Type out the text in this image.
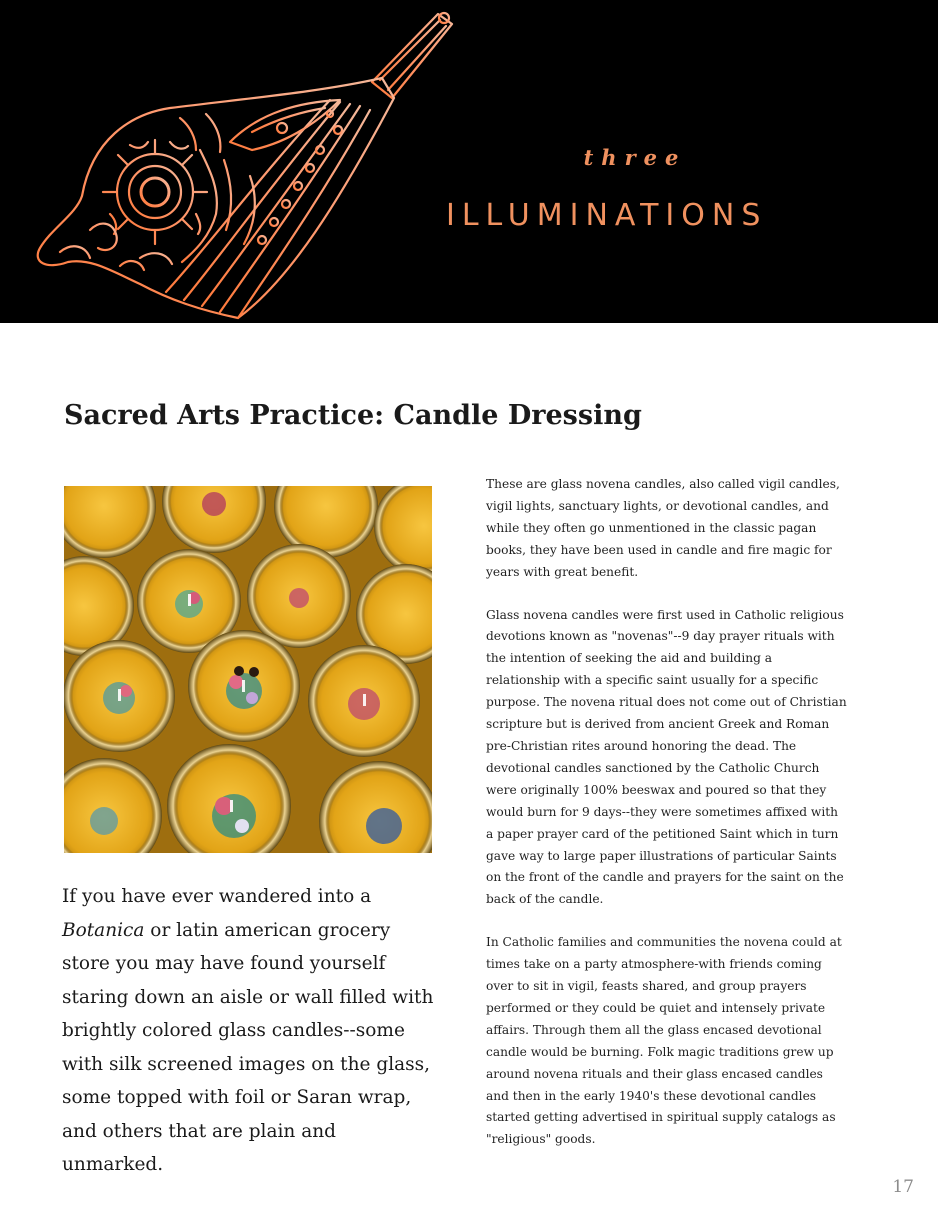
three
ILLUMINATIONS
Sacred Arts Practice: Candle Dressing

If you have ever wandered into a Botanica or latin american grocery store you may have found yourself staring down an aisle or wall filled with brightly colored glass candles--some with silk screened images on the glass, some topped with foil or Saran wrap, and others that are plain and unmarked.

These are glass novena candles, also called vigil candles, vigil lights, sanctuary lights, or devotional candles, and while they often go unmentioned in the classic pagan books, they have been used in candle and fire magic for years with great benefit.

Glass novena candles were first used in Catholic religious devotions known as "novenas"--9 day prayer rituals with the intention of seeking the aid and building a relationship with a specific saint usually for a specific purpose. The novena ritual does not come out of Christian scripture but is derived from ancient Greek and Roman pre-Christian rites around honoring the dead. The devotional candles sanctioned by the Catholic Church were originally 100% beeswax and poured so that they would burn for 9 days--they were sometimes affixed with a paper prayer card of the petitioned Saint which in turn gave way to large paper illustrations of particular Saints on the front of the candle and prayers for the saint on the back of the candle.

In Catholic families and communities the novena could at times take on a party atmosphere-with friends coming over to sit in vigil, feasts shared, and group prayers performed or they could be quiet and intensely private affairs. Through them all the glass encased devotional candle would be burning. Folk magic traditions grew up around novena rituals and their glass encased candles and then in the early 1940's these devotional candles started getting advertised in spiritual supply catalogs as "religious" goods.

17
